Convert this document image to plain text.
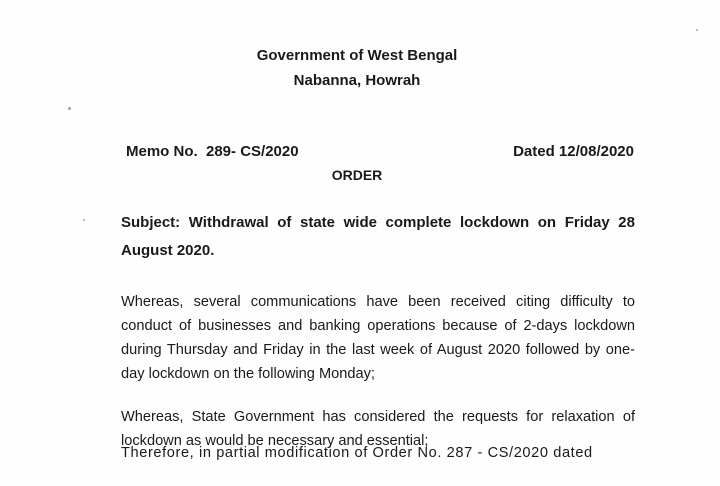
Government of West Bengal
Nabanna, Howrah
Memo No.  289- CS/2020	Dated 12/08/2020
ORDER
Subject: Withdrawal of state wide complete lockdown on Friday 28 August 2020.
Whereas, several communications have been received citing difficulty to conduct of businesses and banking operations because of 2-days lockdown during Thursday and Friday in the last week of August 2020 followed by one-day lockdown on the following Monday;
Whereas, State Government has considered the requests for relaxation of lockdown as would be necessary and essential;
Therefore, in partial modification of Order No. 287 - CS/2020 dated
